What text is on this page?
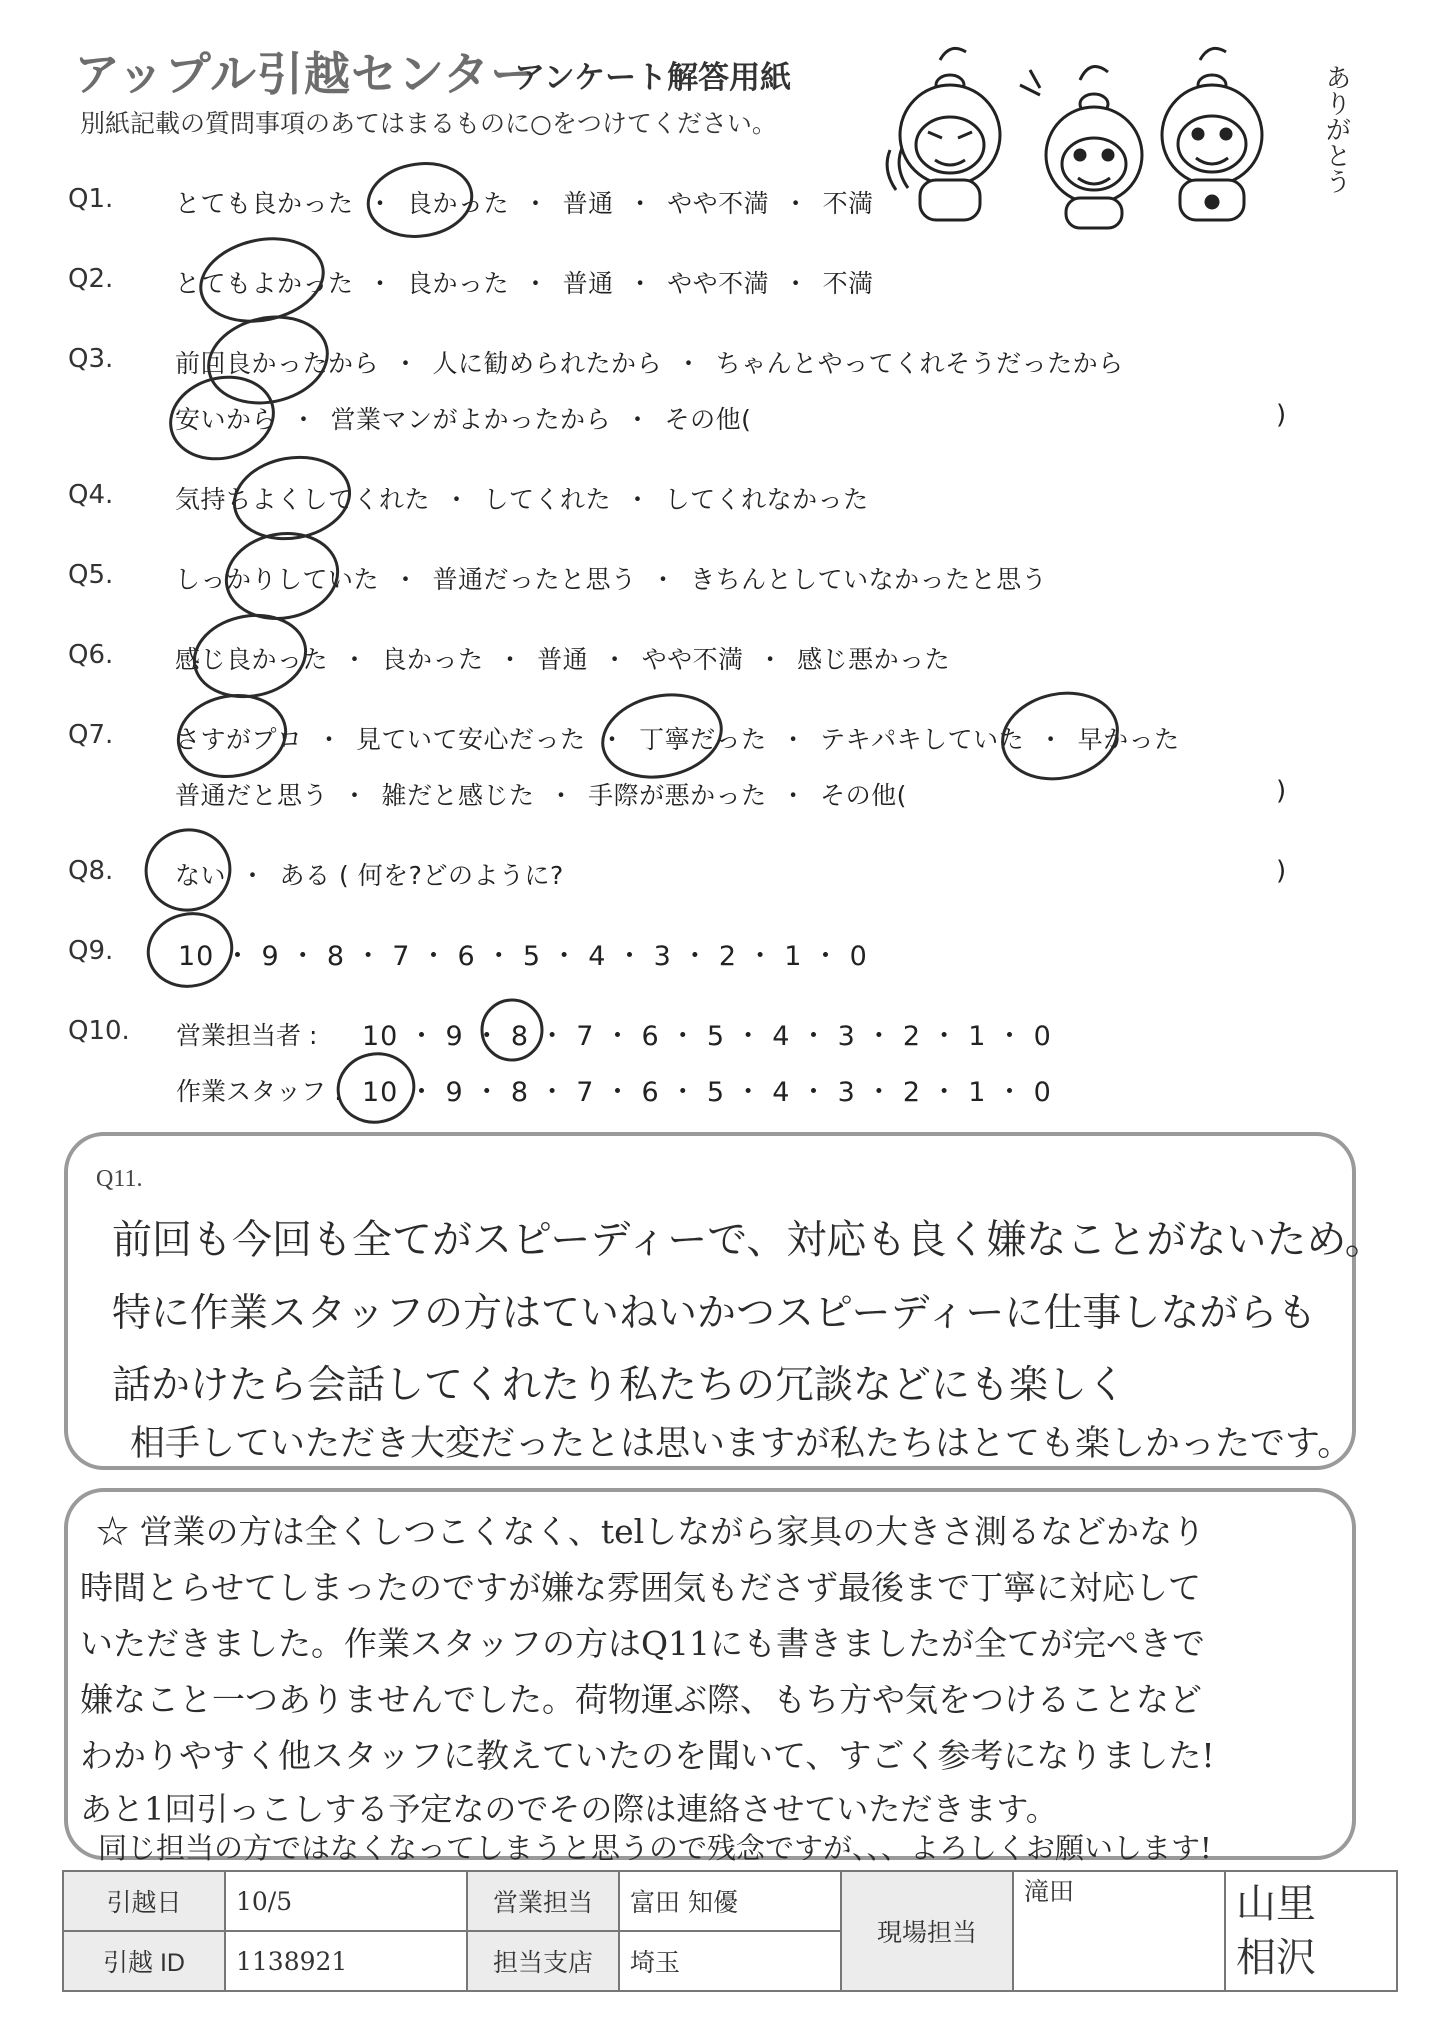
アップル引越センター
アンケート解答用紙
別紙記載の質問事項のあてはまるものに○をつけてください。	ありがとう
Q1. とても良かった ・ 良かった ・ 普通 ・ やや不満 ・ 不満
Q2. とてもよかった ・ 良かった ・ 普通 ・ やや不満 ・ 不満
Q3. 前回良かったから ・ 人に勧められたから ・ ちゃんとやってくれそうだったから
安いから ・ 営業マンがよかったから ・ その他(	)
Q4. 気持ちよくしてくれた ・ してくれた ・ してくれなかった
Q5. しっかりしていた ・ 普通だったと思う ・ きちんとしていなかったと思う
Q6. 感じ良かった ・ 良かった ・ 普通 ・ やや不満 ・ 感じ悪かった
Q7. さすがプロ ・ 見ていて安心だった ・ 丁寧だった ・ テキパキしていた ・ 早かった
普通だと思う ・ 雑だと感じた ・ 手際が悪かった ・ その他(	)
Q8. ない ・ ある ( 何を?どのように?	)
Q9. 10 ・ 9 ・ 8 ・ 7 ・ 6 ・ 5 ・ 4 ・ 3 ・ 2 ・ 1 ・ 0
Q10. 営業担当者 : 10 ・ 9 ・ 8 ・ 7 ・ 6 ・ 5 ・ 4 ・ 3 ・ 2 ・ 1 ・ 0
作業スタッフ : 10 ・ 9 ・ 8 ・ 7 ・ 6 ・ 5 ・ 4 ・ 3 ・ 2 ・ 1 ・ 0
Q11.
前回も今回も全てがスピーディーで、対応も良く嫌なことがないため。
特に作業スタッフの方はていねいかつスピーディーに仕事しながらも
話かけたら会話してくれたり私たちの冗談などにも楽しく
相手していただき大変だったとは思いますが私たちはとても楽しかったです。
☆ 営業の方は全くしつこくなく、telしながら家具の大きさ測るなどかなり
時間とらせてしまったのですが嫌な雰囲気もださず最後まで丁寧に対応して
いただきました。作業スタッフの方はQ11にも書きましたが全てが完ぺきで
嫌なこと一つありませんでした。荷物運ぶ際、もち方や気をつけることなど
わかりやすく他スタッフに教えていたのを聞いて、すごく参考になりました!
あと1回引っこしする予定なのでその際は連絡させていただきます。
同じ担当の方ではなくなってしまうと思うので残念ですが、、、よろしくお願いします!
引越日	10/5	営業担当	富田 知優	現場担当	滝田	山里
相沢

引越 ID	1138921	担当支店	埼玉			
